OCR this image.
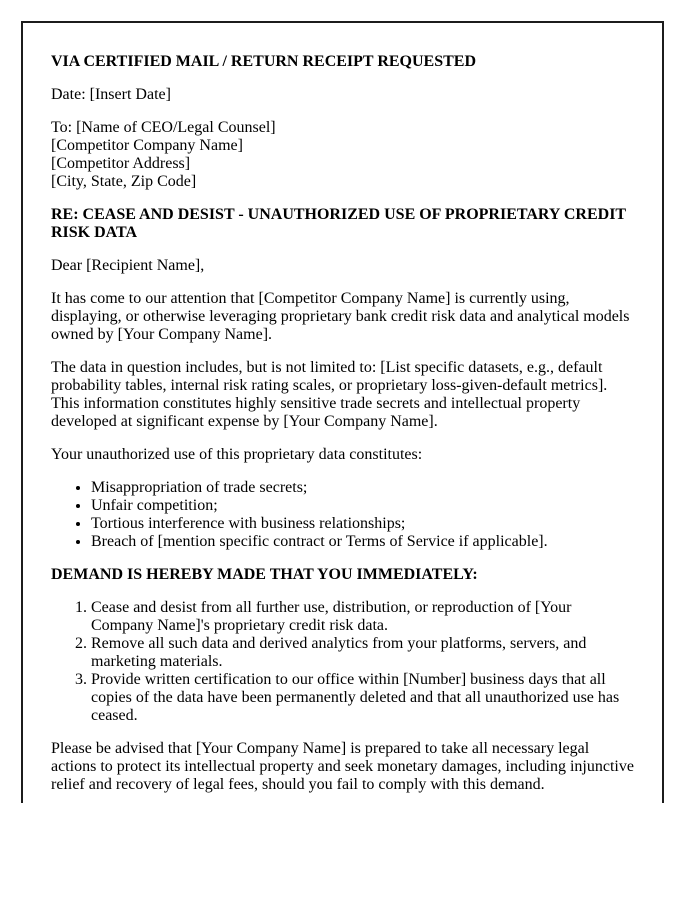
VIA CERTIFIED MAIL / RETURN RECEIPT REQUESTED

Date: [Insert Date]

To: [Name of CEO/Legal Counsel]
[Competitor Company Name]
[Competitor Address]
[City, State, Zip Code]

RE: CEASE AND DESIST - UNAUTHORIZED USE OF PROPRIETARY CREDIT RISK DATA

Dear [Recipient Name],

It has come to our attention that [Competitor Company Name] is currently using, displaying, or otherwise leveraging proprietary bank credit risk data and analytical models owned by [Your Company Name].

The data in question includes, but is not limited to: [List specific datasets, e.g., default probability tables, internal risk rating scales, or proprietary loss-given-default metrics]. This information constitutes highly sensitive trade secrets and intellectual property developed at significant expense by [Your Company Name].

Your unauthorized use of this proprietary data constitutes:

• Misappropriation of trade secrets;
• Unfair competition;
• Tortious interference with business relationships;
• Breach of [mention specific contract or Terms of Service if applicable].

DEMAND IS HEREBY MADE THAT YOU IMMEDIATELY:

1. Cease and desist from all further use, distribution, or reproduction of [Your Company Name]'s proprietary credit risk data.
2. Remove all such data and derived analytics from your platforms, servers, and marketing materials.
3. Provide written certification to our office within [Number] business days that all copies of the data have been permanently deleted and that all unauthorized use has ceased.

Please be advised that [Your Company Name] is prepared to take all necessary legal actions to protect its intellectual property and seek monetary damages, including injunctive relief and recovery of legal fees, should you fail to comply with this demand.
